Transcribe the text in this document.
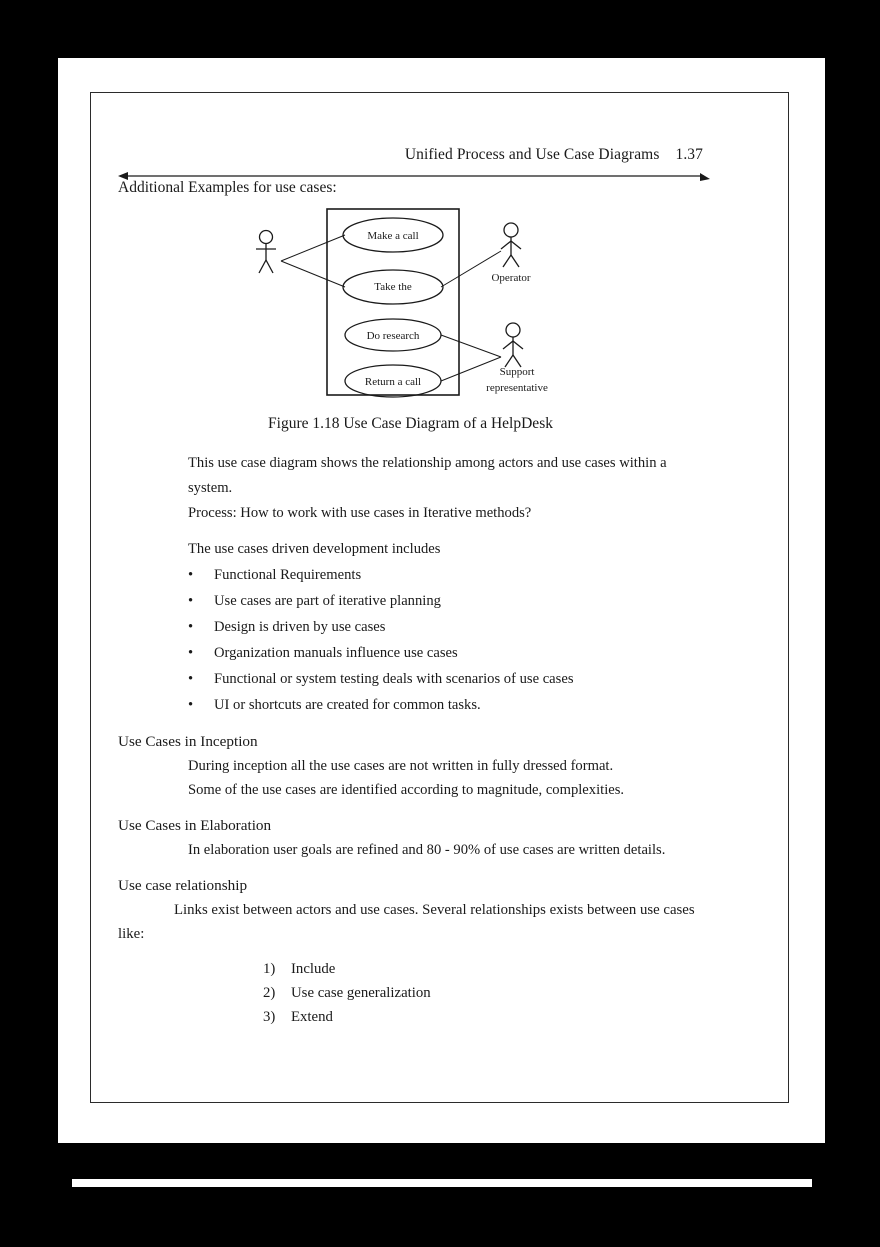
Unified Process and Use Case Diagrams 1.37

Additional Examples for use cases:

Make a call
Take the
Do research
Return a call
Operator
Support
representative
Figure 1.18 Use Case Diagram of a HelpDesk

This use case diagram shows the relationship among actors and use cases within a system.

Process: How to work with use cases in Iterative methods?

The use cases driven development includes

• Functional Requirements
• Use cases are part of iterative planning
• Design is driven by use cases
• Organization manuals influence use cases
• Functional or system testing deals with scenarios of use cases
• UI or shortcuts are created for common tasks.

Use Cases in Inception

During inception all the use cases are not written in fully dressed format.

Some of the use cases are identified according to magnitude, complexities.

Use Cases in Elaboration

In elaboration user goals are refined and 80 - 90% of use cases are written details.

Use case relationship

Links exist between actors and use cases. Several relationships exists between use cases

like:

1) Include
2) Use case generalization
3) Extend
